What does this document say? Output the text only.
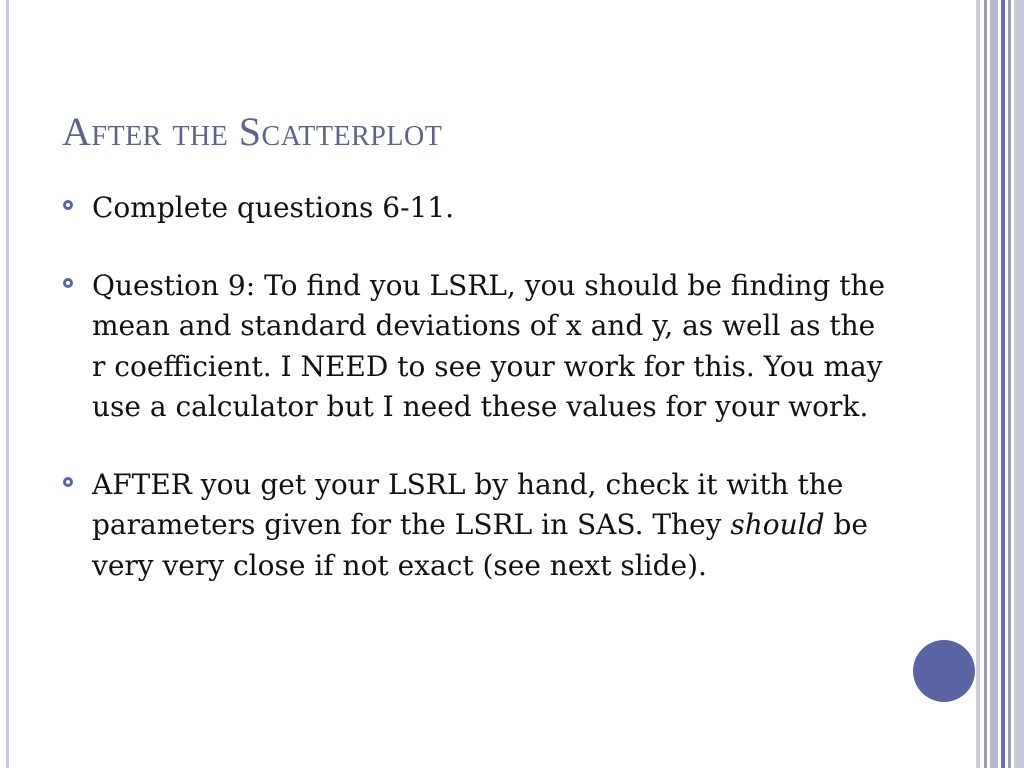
After the Scatterplot
Complete questions 6-11.
Question 9: To find you LSRL, you should be finding the mean and standard deviations of x and y, as well as the r coefficient. I NEED to see your work for this. You may use a calculator but I need these values for your work.
AFTER you get your LSRL by hand, check it with the parameters given for the LSRL in SAS. They should be very very close if not exact (see next slide).
